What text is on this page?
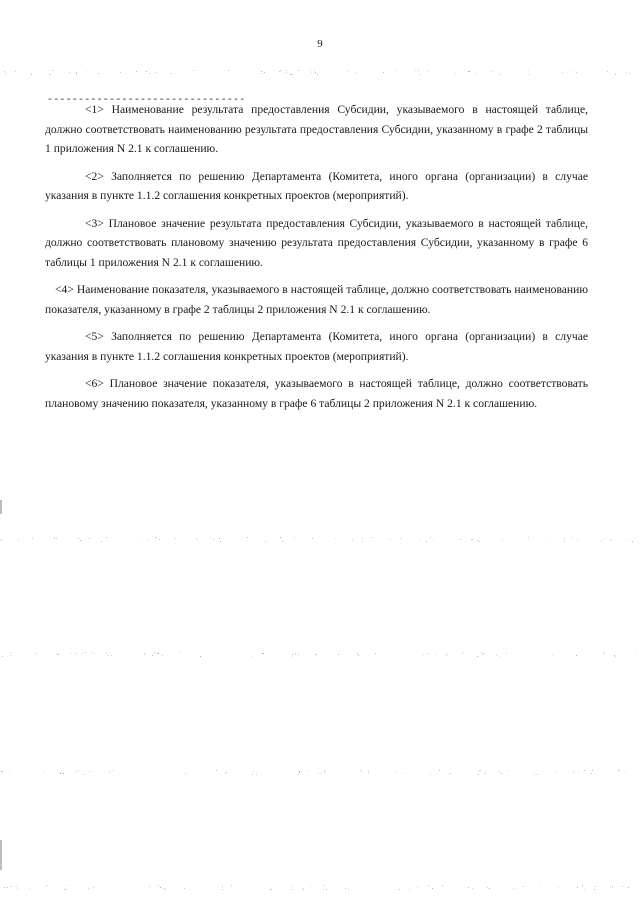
9
--------------------------------

<1> Наименование результата предоставления Субсидии, указываемого в настоящей таблице, должно соответствовать наименованию результата предоставления Субсидии, указанному в графе 2 таблицы 1 приложения N 2.1 к соглашению.

<2> Заполняется по решению Департамента (Комитета, иного органа (организации) в случае указания в пункте 1.1.2 соглашения конкретных проектов (мероприятий).

<3> Плановое значение результата предоставления Субсидии, указываемого в настоящей таблице, должно соответствовать плановому значению результата предоставления Субсидии, указанному в графе 6 таблицы 1 приложения N 2.1 к соглашению.

<4> Наименование показателя, указываемого в настоящей таблице, должно соответствовать наименованию показателя, указанному в графе 2 таблицы 2 приложения N 2.1 к соглашению.

<5> Заполняется по решению Департамента (Комитета, иного органа (организации) в случае указания в пункте 1.1.2 соглашения конкретных проектов (мероприятий).

<6> Плановое значение показателя, указываемого в настоящей таблице, должно соответствовать плановому значению показателя, указанному в графе 6 таблицы 2 приложения N 2.1 к соглашению.
